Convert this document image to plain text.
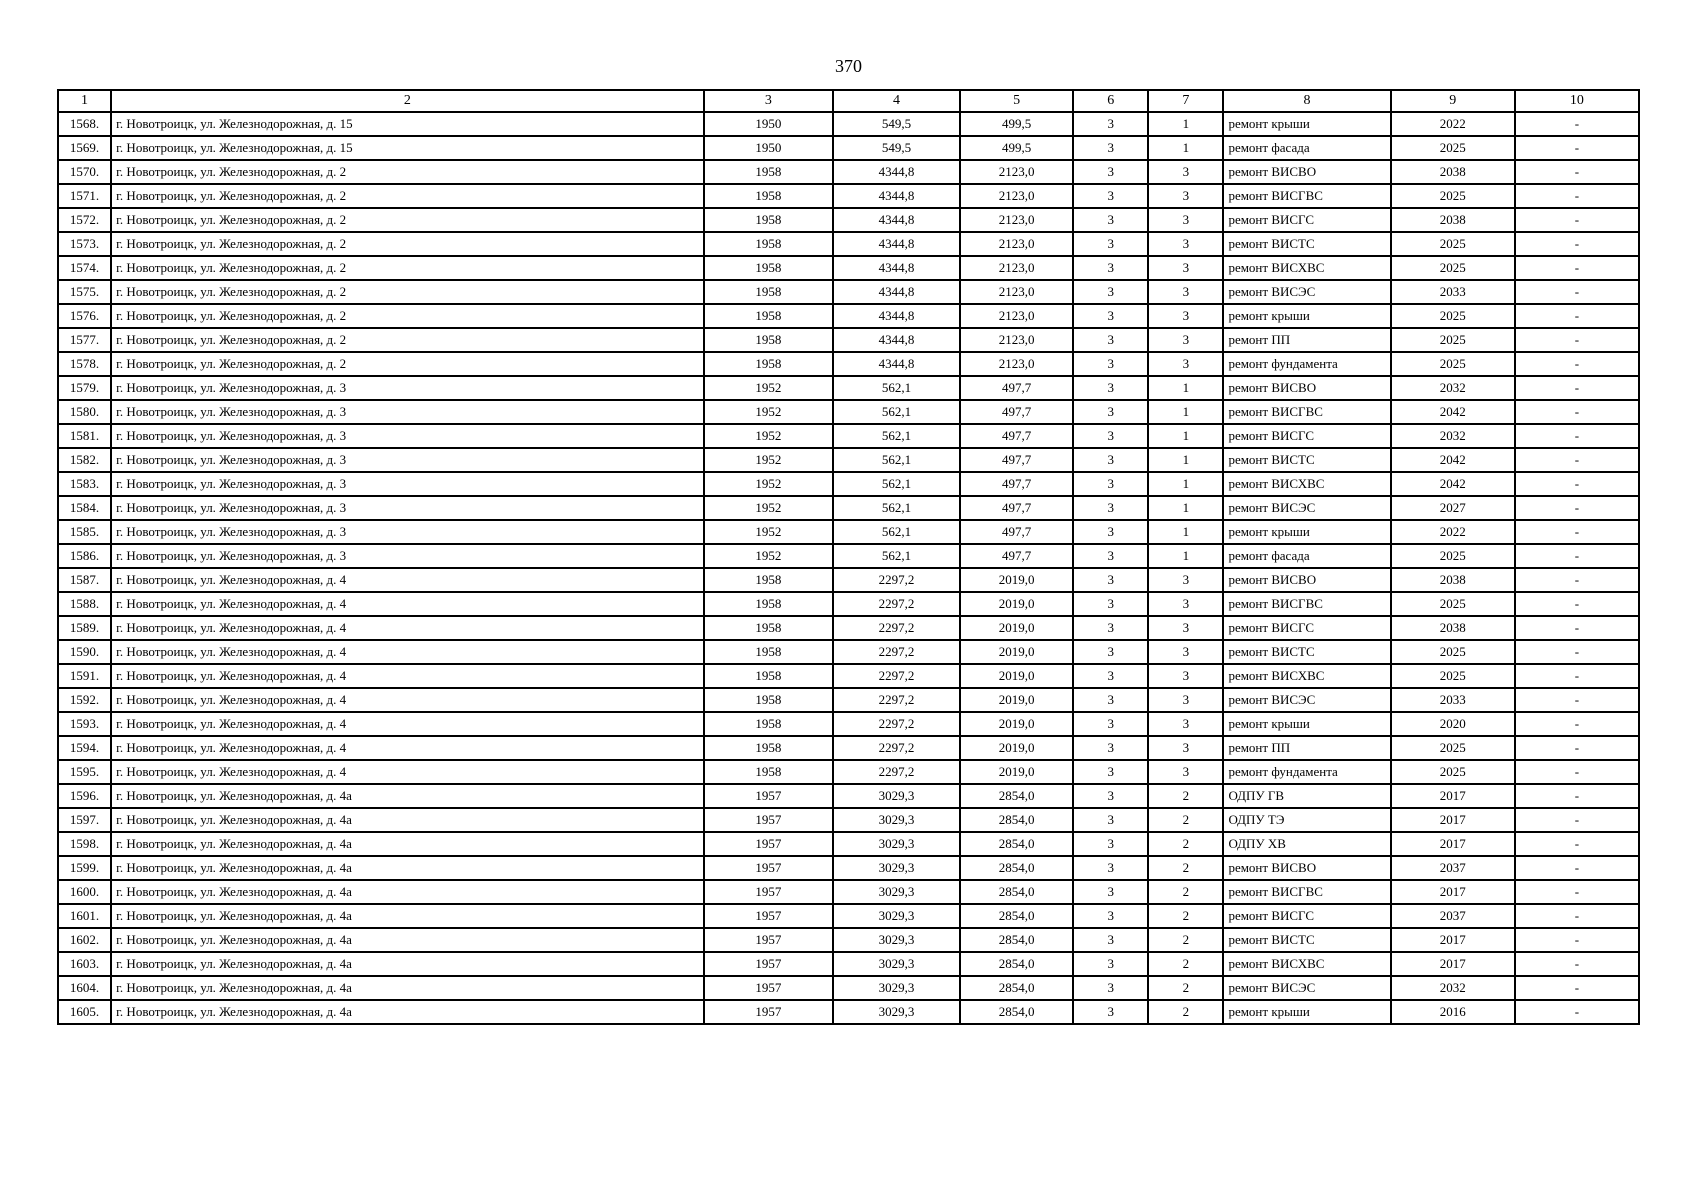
370
1	2	3	4	5	6	7	8	9	10
1568.	г. Новотроицк, ул. Железнодорожная, д. 15	1950	549,5	499,5	3	1	ремонт крыши	2022	-
1569.	г. Новотроицк, ул. Железнодорожная, д. 15	1950	549,5	499,5	3	1	ремонт фасада	2025	-
1570.	г. Новотроицк, ул. Железнодорожная, д. 2	1958	4344,8	2123,0	3	3	ремонт ВИСВО	2038	-
1571.	г. Новотроицк, ул. Железнодорожная, д. 2	1958	4344,8	2123,0	3	3	ремонт ВИСГВС	2025	-
1572.	г. Новотроицк, ул. Железнодорожная, д. 2	1958	4344,8	2123,0	3	3	ремонт ВИСГС	2038	-
1573.	г. Новотроицк, ул. Железнодорожная, д. 2	1958	4344,8	2123,0	3	3	ремонт ВИСТС	2025	-
1574.	г. Новотроицк, ул. Железнодорожная, д. 2	1958	4344,8	2123,0	3	3	ремонт ВИСХВС	2025	-
1575.	г. Новотроицк, ул. Железнодорожная, д. 2	1958	4344,8	2123,0	3	3	ремонт ВИСЭС	2033	-
1576.	г. Новотроицк, ул. Железнодорожная, д. 2	1958	4344,8	2123,0	3	3	ремонт крыши	2025	-
1577.	г. Новотроицк, ул. Железнодорожная, д. 2	1958	4344,8	2123,0	3	3	ремонт ПП	2025	-
1578.	г. Новотроицк, ул. Железнодорожная, д. 2	1958	4344,8	2123,0	3	3	ремонт фундамента	2025	-
1579.	г. Новотроицк, ул. Железнодорожная, д. 3	1952	562,1	497,7	3	1	ремонт ВИСВО	2032	-
1580.	г. Новотроицк, ул. Железнодорожная, д. 3	1952	562,1	497,7	3	1	ремонт ВИСГВС	2042	-
1581.	г. Новотроицк, ул. Железнодорожная, д. 3	1952	562,1	497,7	3	1	ремонт ВИСГС	2032	-
1582.	г. Новотроицк, ул. Железнодорожная, д. 3	1952	562,1	497,7	3	1	ремонт ВИСТС	2042	-
1583.	г. Новотроицк, ул. Железнодорожная, д. 3	1952	562,1	497,7	3	1	ремонт ВИСХВС	2042	-
1584.	г. Новотроицк, ул. Железнодорожная, д. 3	1952	562,1	497,7	3	1	ремонт ВИСЭС	2027	-
1585.	г. Новотроицк, ул. Железнодорожная, д. 3	1952	562,1	497,7	3	1	ремонт крыши	2022	-
1586.	г. Новотроицк, ул. Железнодорожная, д. 3	1952	562,1	497,7	3	1	ремонт фасада	2025	-
1587.	г. Новотроицк, ул. Железнодорожная, д. 4	1958	2297,2	2019,0	3	3	ремонт ВИСВО	2038	-
1588.	г. Новотроицк, ул. Железнодорожная, д. 4	1958	2297,2	2019,0	3	3	ремонт ВИСГВС	2025	-
1589.	г. Новотроицк, ул. Железнодорожная, д. 4	1958	2297,2	2019,0	3	3	ремонт ВИСГС	2038	-
1590.	г. Новотроицк, ул. Железнодорожная, д. 4	1958	2297,2	2019,0	3	3	ремонт ВИСТС	2025	-
1591.	г. Новотроицк, ул. Железнодорожная, д. 4	1958	2297,2	2019,0	3	3	ремонт ВИСХВС	2025	-
1592.	г. Новотроицк, ул. Железнодорожная, д. 4	1958	2297,2	2019,0	3	3	ремонт ВИСЭС	2033	-
1593.	г. Новотроицк, ул. Железнодорожная, д. 4	1958	2297,2	2019,0	3	3	ремонт крыши	2020	-
1594.	г. Новотроицк, ул. Железнодорожная, д. 4	1958	2297,2	2019,0	3	3	ремонт ПП	2025	-
1595.	г. Новотроицк, ул. Железнодорожная, д. 4	1958	2297,2	2019,0	3	3	ремонт фундамента	2025	-
1596.	г. Новотроицк, ул. Железнодорожная, д. 4а	1957	3029,3	2854,0	3	2	ОДПУ ГВ	2017	-
1597.	г. Новотроицк, ул. Железнодорожная, д. 4а	1957	3029,3	2854,0	3	2	ОДПУ ТЭ	2017	-
1598.	г. Новотроицк, ул. Железнодорожная, д. 4а	1957	3029,3	2854,0	3	2	ОДПУ ХВ	2017	-
1599.	г. Новотроицк, ул. Железнодорожная, д. 4а	1957	3029,3	2854,0	3	2	ремонт ВИСВО	2037	-
1600.	г. Новотроицк, ул. Железнодорожная, д. 4а	1957	3029,3	2854,0	3	2	ремонт ВИСГВС	2017	-
1601.	г. Новотроицк, ул. Железнодорожная, д. 4а	1957	3029,3	2854,0	3	2	ремонт ВИСГС	2037	-
1602.	г. Новотроицк, ул. Железнодорожная, д. 4а	1957	3029,3	2854,0	3	2	ремонт ВИСТС	2017	-
1603.	г. Новотроицк, ул. Железнодорожная, д. 4а	1957	3029,3	2854,0	3	2	ремонт ВИСХВС	2017	-
1604.	г. Новотроицк, ул. Железнодорожная, д. 4а	1957	3029,3	2854,0	3	2	ремонт ВИСЭС	2032	-
1605.	г. Новотроицк, ул. Железнодорожная, д. 4а	1957	3029,3	2854,0	3	2	ремонт крыши	2016	-
